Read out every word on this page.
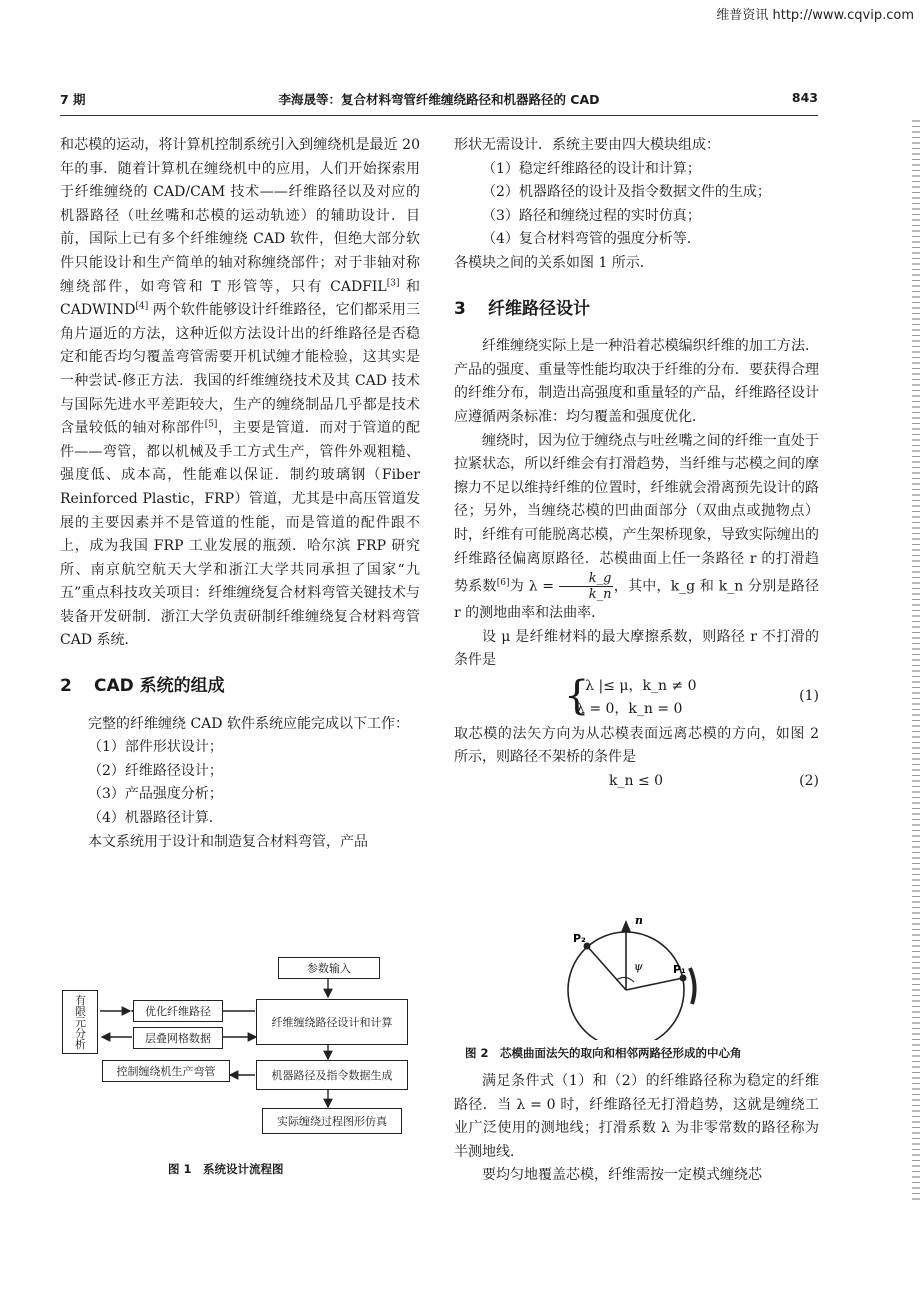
维普资讯 http://www.cqvip.com
7 期	李海晟等：复合材料弯管纤维缠绕路径和机器路径的 CAD	843

和芯模的运动，将计算机控制系统引入到缠绕机是最近 20 年的事．随着计算机在缠绕机中的应用，人们开始探索用于纤维缠绕的 CAD/CAM 技术——纤维路径以及对应的机器路径（吐丝嘴和芯模的运动轨迹）的辅助设计．目前，国际上已有多个纤维缠绕 CAD 软件，但绝大部分软件只能设计和生产简单的轴对称缠绕部件；对于非轴对称缠绕部件，如弯管和 T 形管等，只有 CADFIL[3] 和 CADWIND[4] 两个软件能够设计纤维路径，它们都采用三角片逼近的方法，这种近似方法设计出的纤维路径是否稳定和能否均匀覆盖弯管需要开机试缠才能检验，这其实是一种尝试-修正方法．我国的纤维缠绕技术及其 CAD 技术与国际先进水平差距较大，生产的缠绕制品几乎都是技术含量较低的轴对称部件[5]，主要是管道．而对于管道的配件——弯管，都以机械及手工方式生产，管件外观粗糙、强度低、成本高，性能难以保证．制约玻璃钢（Fiber Reinforced Plastic，FRP）管道，尤其是中高压管道发展的主要因素并不是管道的性能，而是管道的配件跟不上，成为我国 FRP 工业发展的瓶颈．哈尔滨 FRP 研究所、南京航空航天大学和浙江大学共同承担了国家“九五”重点科技攻关项目：纤维缠绕复合材料弯管关键技术与装备开发研制．浙江大学负责研制纤维缠绕复合材料弯管 CAD 系统．

2 CAD 系统的组成

完整的纤维缠绕 CAD 软件系统应能完成以下工作：

（1）部件形状设计；

（2）纤维路径设计；

（3）产品强度分析；

（4）机器路径计算．

本文系统用于设计和制造复合材料弯管，产品

参数输入
有限元分析	优化纤维路径
层叠网格数据
纤维缠绕路径设计和计算
控制缠绕机生产弯管	机器路径及指令数据生成
实际缠绕过程图形仿真
图 1　系统设计流程图

形状无需设计．系统主要由四大模块组成：

（1）稳定纤维路径的设计和计算；

（2）机器路径的设计及指令数据文件的生成；

（3）路径和缠绕过程的实时仿真；

（4）复合材料弯管的强度分析等．

各模块之间的关系如图 1 所示．

3 纤维路径设计

纤维缠绕实际上是一种沿着芯模编织纤维的加工方法．产品的强度、重量等性能均取决于纤维的分布．要获得合理的纤维分布，制造出高强度和重量轻的产品，纤维路径设计应遵循两条标准：均匀覆盖和强度优化．

缠绕时，因为位于缠绕点与吐丝嘴之间的纤维一直处于拉紧状态，所以纤维会有打滑趋势，当纤维与芯模之间的摩擦力不足以维持纤维的位置时，纤维就会滑离预先设计的路径；另外，当缠绕芯模的凹曲面部分（双曲点或抛物点）时，纤维有可能脱离芯模，产生架桥现象，导致实际缠出的纤维路径偏离原路径．芯模曲面上任一条路径 r 的打滑趋势系数[6]为 $\lambda = \frac{k\_g}{k\_n}$ ，其中，k_g 和 k_n 分别是路径 r 的测地曲率和法曲率．

设 μ 是纤维材料的最大摩擦系数，则路径 r 不打滑的条件是

{
| λ |≤ μ，k_n ≠ 0
λ = 0，k_n = 0
(1)

取芯模的法矢方向为从芯模表面远离芯模的方向，如图 2 所示，则路径不架桥的条件是

k_n ≤ 0	(2)
P₂
P₁
n
ψ
图 2　芯模曲面法矢的取向和相邻两路径形成的中心角

满足条件式（1）和（2）的纤维路径称为稳定的纤维路径．当 λ = 0 时，纤维路径无打滑趋势，这就是缠绕工业广泛使用的测地线；打滑系数 λ 为非零常数的路径称为半测地线．

要均匀地覆盖芯模，纤维需按一定模式缠绕芯
